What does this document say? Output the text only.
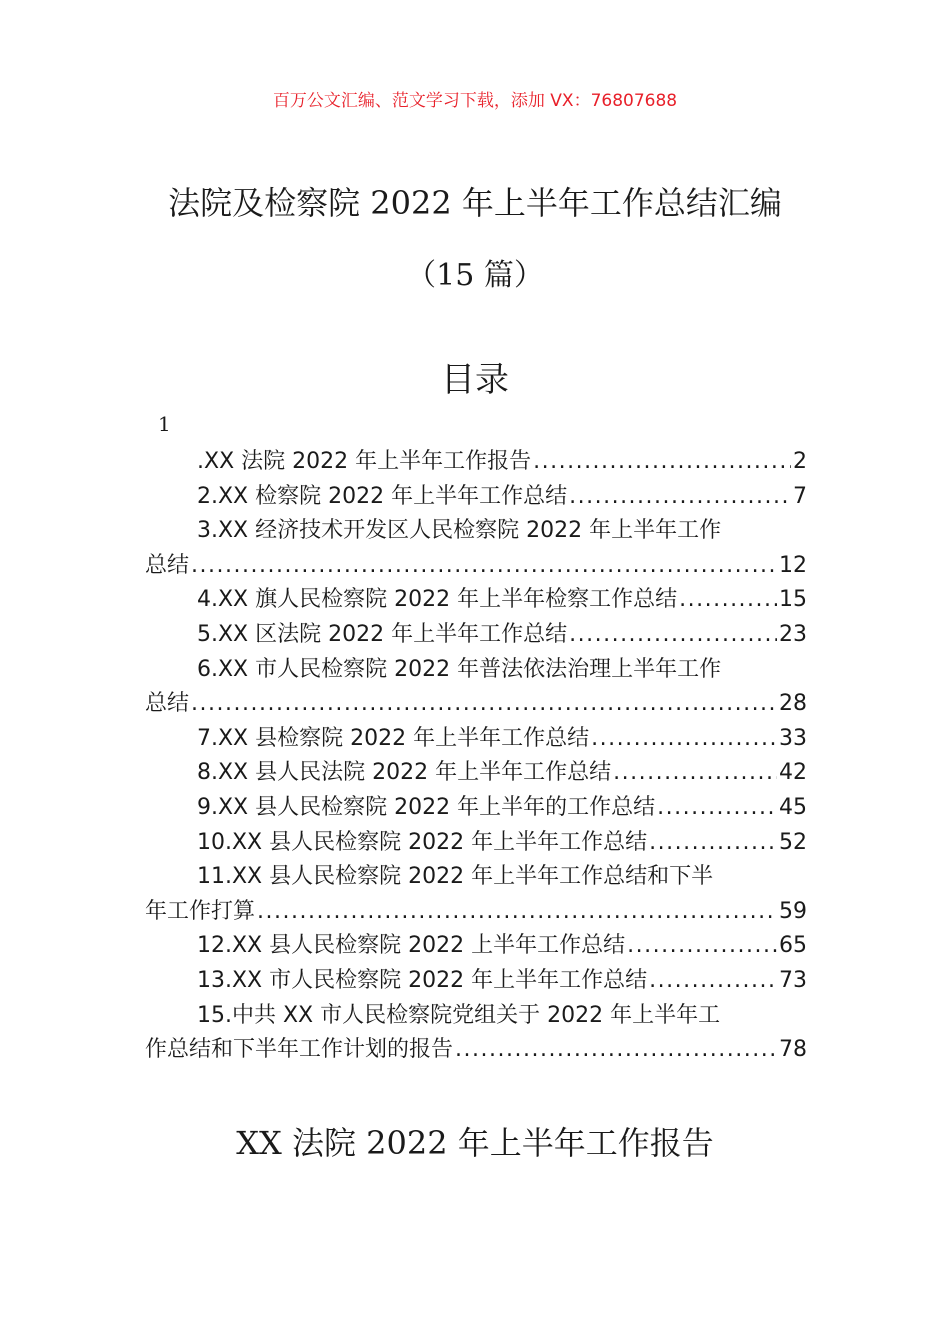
百万公文汇编、范文学习下载，添加 VX：76807688
法院及检察院 2022 年上半年工作总结汇编
（15 篇）
目录
1
.XX 法院 2022 年上半年工作报告 .....	2
2.XX 检察院 2022 年上半年工作总结 .....	7
3.XX 经济技术开发区人民检察院 2022 年上半年工作
总结 .....	12
4.XX 旗人民检察院 2022 年上半年检察工作总结 .....	15
5.XX 区法院 2022 年上半年工作总结 .....	23
6.XX 市人民检察院 2022 年普法依法治理上半年工作
总结 .....	28
7.XX 县检察院 2022 年上半年工作总结 .....	33
8.XX 县人民法院 2022 年上半年工作总结 .....	42
9.XX 县人民检察院 2022 年上半年的工作总结 .....	45
10.XX 县人民检察院 2022 年上半年工作总结 .....	52
11.XX 县人民检察院 2022 年上半年工作总结和下半
年工作打算 .....	59
12.XX 县人民检察院 2022 上半年工作总结 .....	65
13.XX 市人民检察院 2022 年上半年工作总结 .....	73
15.中共 XX 市人民检察院党组关于 2022 年上半年工
作总结和下半年工作计划的报告 .....	78
XX 法院 2022 年上半年工作报告
